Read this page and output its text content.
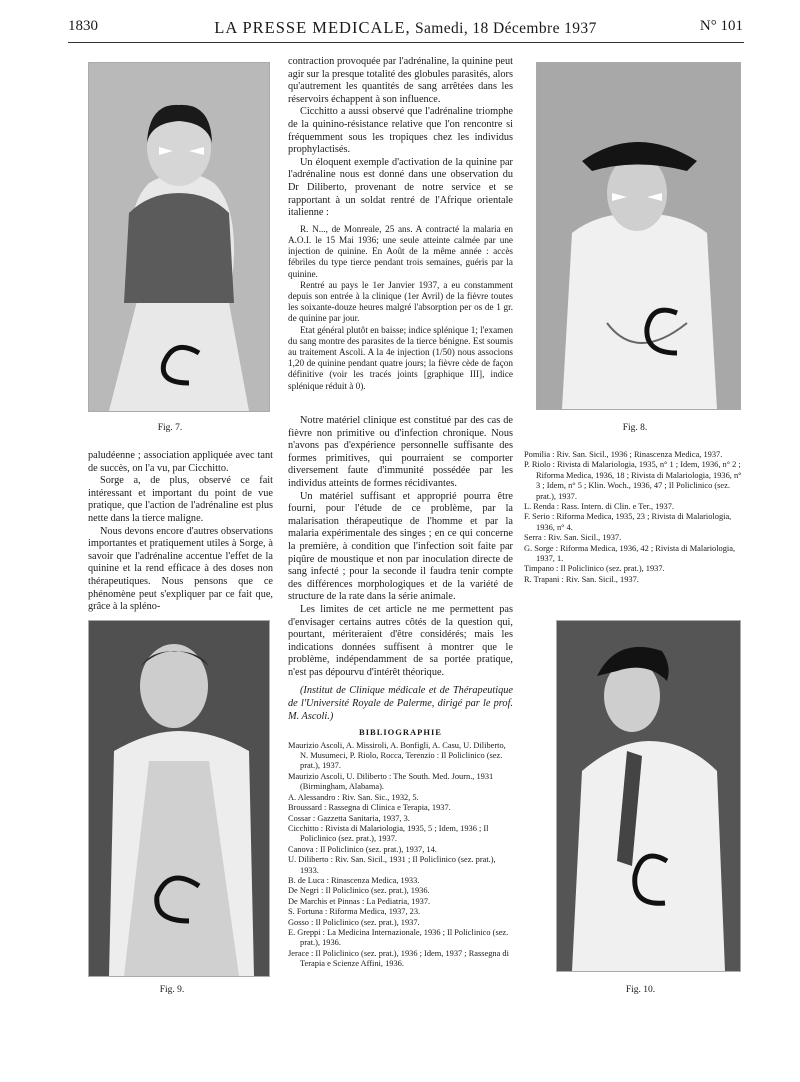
1830	LA PRESSE MEDICALE, Samedi, 18 Décembre 1937	N° 101
Fig. 7.	Fig. 8.

paludéenne ; association appliquée avec tant de succès, on l'a vu, par Cicchitto.

Sorge a, de plus, observé ce fait intéressant et important du point de vue pratique, que l'action de l'adrénaline est plus nette dans la tierce maligne.

Nous devons encore d'autres observations importantes et pratiquement utiles à Sorge, à savoir que l'adrénaline accentue l'effet de la quinine et la rend efficace à des doses non thérapeutiques. Nous pensons que ce phénomène peut s'expliquer par ce fait que, grâce à la spléno-

Fig. 9.

contraction provoquée par l'adrénaline, la quinine peut agir sur la presque totalité des globules parasités, alors qu'autrement les quantités de sang arrêtées dans les réservoirs échappent à son influence.

Cicchitto a aussi observé que l'adrénaline triomphe de la quinino-résistance relative que l'on rencontre si fréquemment sous les tropiques chez les individus prophylactisés.

Un éloquent exemple d'activation de la quinine par l'adrénaline nous est donné dans une observation du Dr Diliberto, provenant de notre service et se rapportant à un soldat rentré de l'Afrique orientale italienne :

R. N..., de Monreale, 25 ans. A contracté la malaria en A.O.I. le 15 Mai 1936; une seule atteinte calmée par une injection de quinine. En Août de la même année : accès fébriles du type tierce pendant trois semaines, guéris par la quinine.

Rentré au pays le 1er Janvier 1937, a eu constamment depuis son entrée à la clinique (1er Avril) de la fièvre toutes les soixante-douze heures malgré l'absorption per os de 1 gr. de quinine par jour.

Etat général plutôt en baisse; indice splénique 1; l'examen du sang montre des parasites de la tierce bénigne. Est soumis au traitement Ascoli. A la 4e injection (1/50) nous associons 1,20 de quinine pendant quatre jours; la fièvre cède de façon définitive (voir les tracés joints [graphique III], indice splénique réduit à 0).

Notre matériel clinique est constitué par des cas de fièvre non primitive ou d'infection chronique. Nous n'avons pas d'expérience personnelle suffisante des formes primitives, qui pourraient se comporter diversement faute d'immunité possédée par les individus atteints de formes récidivantes.

Un matériel suffisant et approprié pourra être fourni, pour l'étude de ce problème, par la malarisation thérapeutique de l'homme et par la malaria expérimentale des singes ; en ce qui concerne la première, à condition que l'infection soit faite par piqûre de moustique et non par inoculation directe de sang infecté ; pour la seconde il faudra tenir compte des différences morphologiques et de la variété de structure de la rate dans la série animale.

Les limites de cet article ne me permettent pas d'envisager certains autres côtés de la question qui, pourtant, mériteraient d'être considérés; mais les indications données suffisent à montrer que le problème, indépendamment de sa portée pratique, n'est pas dépourvu d'intérêt théorique.

(Institut de Clinique médicale et de Thérapeutique de l'Université Royale de Palerme, dirigé par le prof. M. Ascoli.)

BIBLIOGRAPHIE

Maurizio Ascoli, A. Missiroli, A. Bonfigli, A. Casu, U. Diliberto, N. Musumeci, P. Riolo, Rocca, Terenzio : Il Policlinico (sez. prat.), 1937.

Maurizio Ascoli, U. Diliberto : The South. Med. Journ., 1931 (Birmingham, Alabama).

A. Alessandro : Riv. San. Sic., 1932, 5.

Broussard : Rassegna di Clinica e Terapia, 1937.

Cossar : Gazzetta Sanitaria, 1937, 3.

Cicchitto : Rivista di Malariologia, 1935, 5 ; Idem, 1936 ; Il Policlinico (sez. prat.), 1937.

Canova : Il Policlinico (sez. prat.), 1937, 14.

U. Diliberto : Riv. San. Sicil., 1931 ; Il Policlinico (sez. prat.), 1933.

B. de Luca : Rinascenza Medica, 1933.

De Negri : Il Policlinico (sez. prat.), 1936.

De Marchis et Pinnas : La Pediatria, 1937.

S. Fortuna : Riforma Medica, 1937, 23.

Gosso : Il Policlinico (sez. prat.), 1937.

E. Greppi : La Medicina Internazionale, 1936 ; Il Policlinico (sez. prat.), 1936.

Jerace : Il Policlinico (sez. prat.), 1936 ; Idem, 1937 ; Rassegna di Terapia e Scienze Affini, 1936.

Pomilia : Riv. San. Sicil., 1936 ; Rinascenza Medica, 1937.

P. Riolo : Rivista di Malariologia, 1935, n° 1 ; Idem, 1936, n° 2 ; Riforma Medica, 1936, 18 ; Rivista di Malariologia, 1936, n° 3 ; Idem, n° 5 ; Klin. Woch., 1936, 47 ; Il Policlinico (sez. prat.), 1937.

L. Renda : Rass. Intern. di Clin. e Ter., 1937.

F. Serio : Riforma Medica, 1935, 23 ; Rivista di Malariologia, 1936, n° 4.

Serra : Riv. San. Sicil., 1937.

G. Sorge : Riforma Medica, 1936, 42 ; Rivista di Malariologia, 1937, 1.

Timpano : Il Policlinico (sez. prat.), 1937.

R. Trapani : Riv. San. Sicil., 1937.

Fig. 10.
